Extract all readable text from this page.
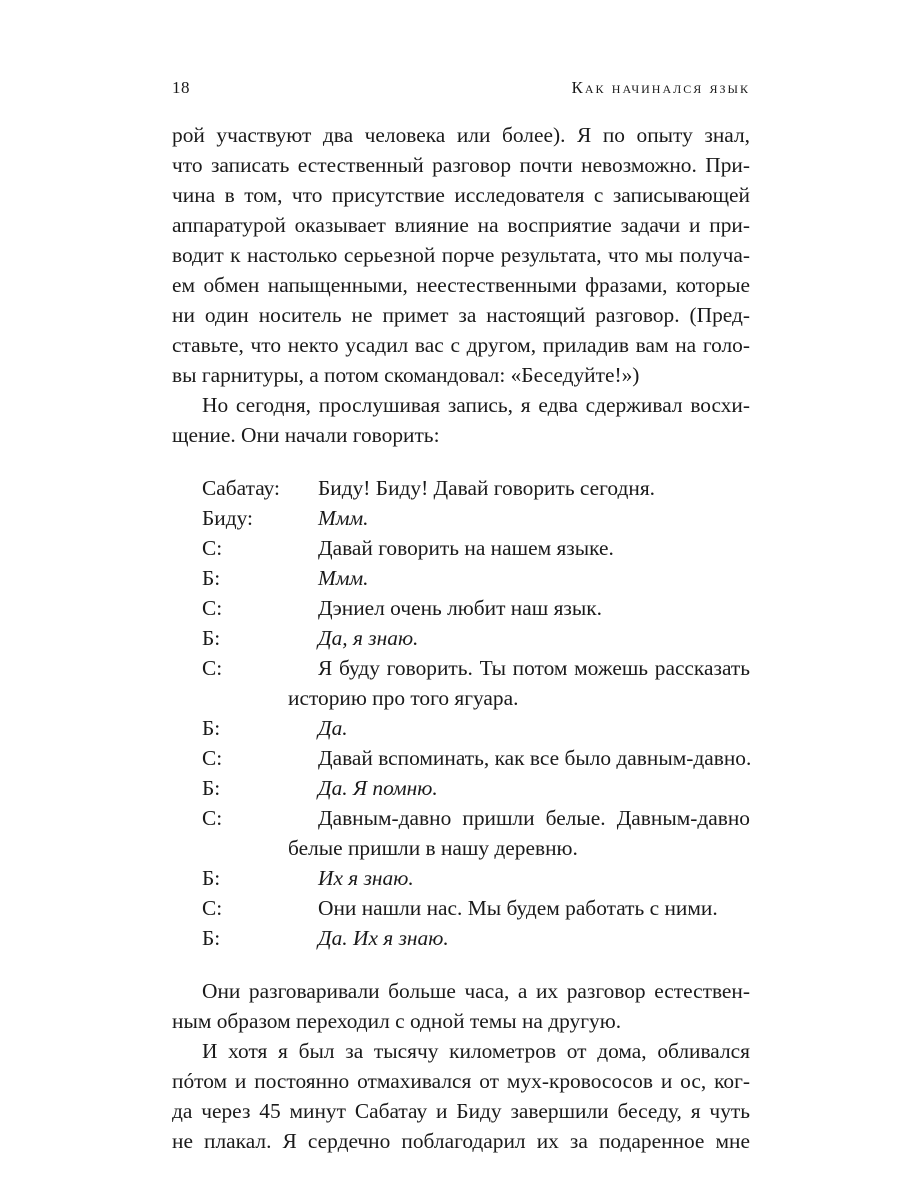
18	Как начинался язык
рой участвуют два человека или более). Я по опыту знал,
что записать естественный разговор почти невозможно. При-
чина в том, что присутствие исследователя с записывающей
аппаратурой оказывает влияние на восприятие задачи и при-
водит к настолько серьезной порче результата, что мы получа-
ем обмен напыщенными, неестественными фразами, которые
ни один носитель не примет за настоящий разговор. (Пред-
ставьте, что некто усадил вас с другом, приладив вам на голо-
вы гарнитуры, а потом скомандовал: «Беседуйте!»)
Но сегодня, прослушивая запись, я едва сдерживал восхи-
щение. Они начали говорить:
Сабатау:	Биду! Биду! Давай говорить сегодня.
Биду:	Ммм.
С:	Давай говорить на нашем языке.
Б:	Ммм.
С:	Дэниел очень любит наш язык.
Б:	Да, я знаю.
С:	Я буду говорить. Ты потом можешь рассказать
историю про того ягуара.
Б:	Да.
С:	Давай вспоминать, как все было давным-давно.
Б:	Да. Я помню.
С:	Давным-давно пришли белые. Давным-давно
белые пришли в нашу деревню.
Б:	Их я знаю.
С:	Они нашли нас. Мы будем работать с ними.
Б:	Да. Их я знаю.
Они разговаривали больше часа, а их разговор естествен-
ным образом переходил с одной темы на другую.
И хотя я был за тысячу километров от дома, обливался
пóтом и постоянно отмахивался от мух-кровососов и ос, ког-
да через 45 минут Сабатау и Биду завершили беседу, я чуть
не плакал. Я сердечно поблагодарил их за подаренное мне
